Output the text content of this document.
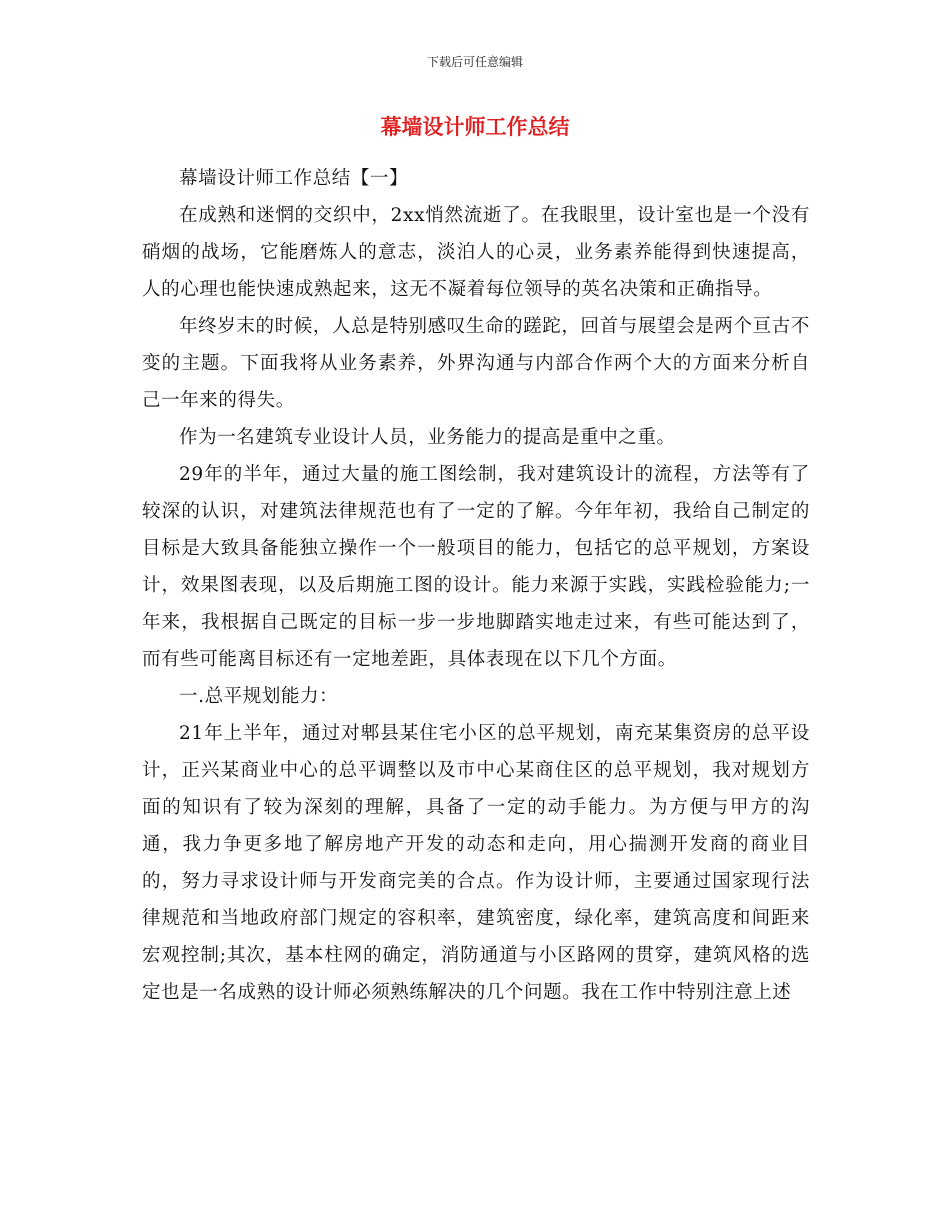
下载后可任意编辑
幕墙设计师工作总结

幕墙设计师工作总结【一】

在成熟和迷惘的交织中，2xx悄然流逝了。在我眼里，设计室也是一个没有硝烟的战场，它能磨炼人的意志，淡泊人的心灵，业务素养能得到快速提高，人的心理也能快速成熟起来，这无不凝着每位领导的英名决策和正确指导。

年终岁末的时候，人总是特别感叹生命的蹉跎，回首与展望会是两个亘古不变的主题。下面我将从业务素养，外界沟通与内部合作两个大的方面来分析自己一年来的得失。

作为一名建筑专业设计人员，业务能力的提高是重中之重。

29年的半年，通过大量的施工图绘制，我对建筑设计的流程，方法等有了较深的认识，对建筑法律规范也有了一定的了解。今年年初，我给自己制定的目标是大致具备能独立操作一个一般项目的能力，包括它的总平规划，方案设计，效果图表现，以及后期施工图的设计。能力来源于实践，实践检验能力;一年来，我根据自己既定的目标一步一步地脚踏实地走过来，有些可能达到了，而有些可能离目标还有一定地差距，具体表现在以下几个方面。

一.总平规划能力：

21年上半年，通过对郫县某住宅小区的总平规划，南充某集资房的总平设计，正兴某商业中心的总平调整以及市中心某商住区的总平规划，我对规划方面的知识有了较为深刻的理解，具备了一定的动手能力。为方便与甲方的沟通，我力争更多地了解房地产开发的动态和走向，用心揣测开发商的商业目的，努力寻求设计师与开发商完美的合点。作为设计师，主要通过国家现行法律规范和当地政府部门规定的容积率，建筑密度，绿化率，建筑高度和间距来宏观控制;其次，基本柱网的确定，消防通道与小区路网的贯穿，建筑风格的选定也是一名成熟的设计师必须熟练解决的几个问题。我在工作中特别注意上述
